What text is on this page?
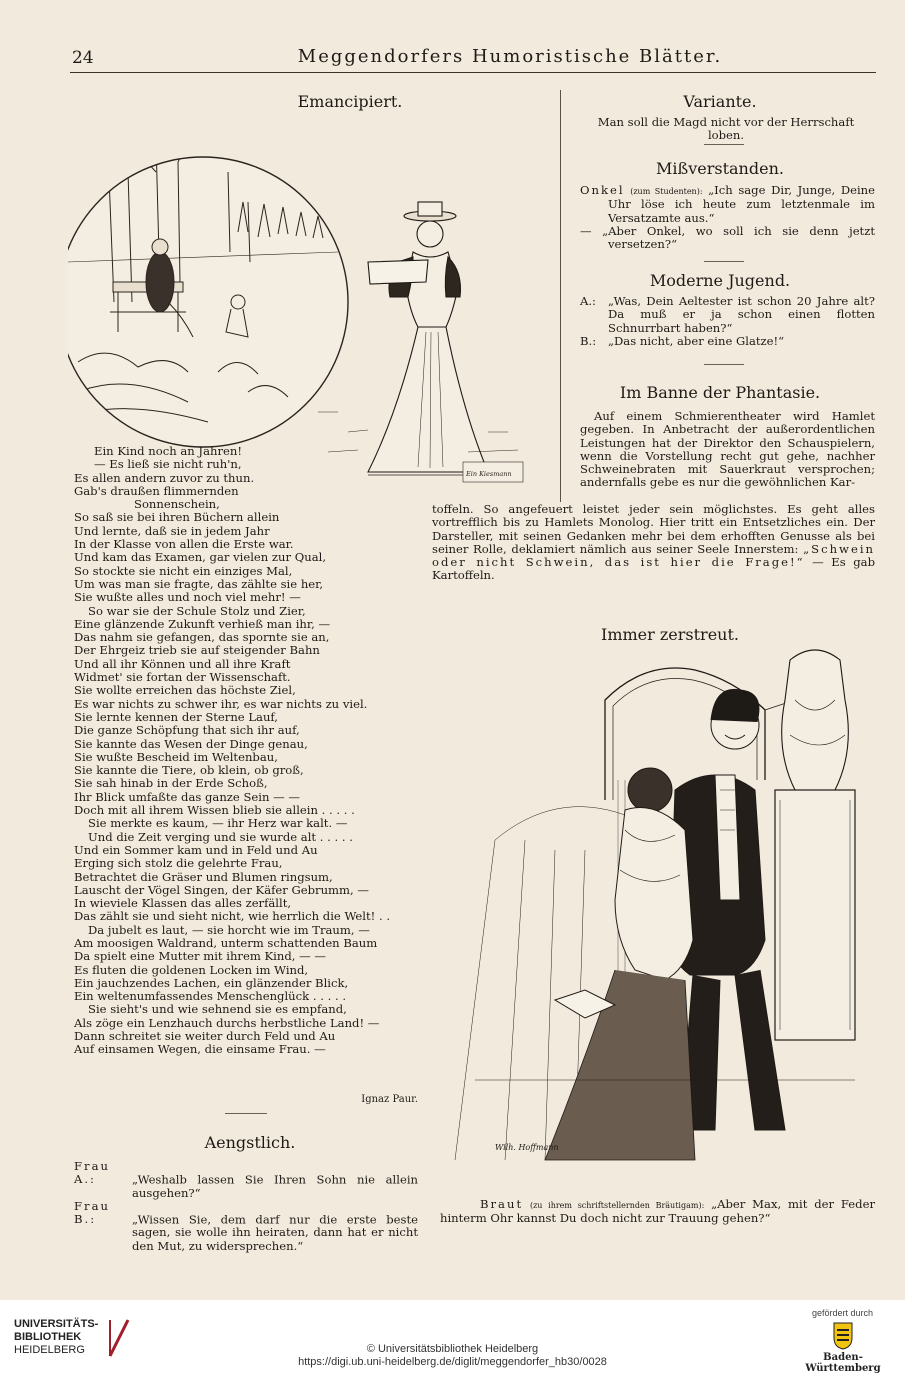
24	Meggendorfers Humoristische Blätter.
Emancipiert.
Ein Kiesmann
Ein Kind noch an Jahren!
— Es ließ sie nicht ruh'n,
Es allen andern zuvor zu thun.
Gab's draußen flimmernden
Sonnenschein,
So saß sie bei ihren Büchern allein
Und lernte, daß sie in jedem Jahr
In der Klasse von allen die Erste war.
Und kam das Examen, gar vielen zur Qual,
So stockte sie nicht ein einziges Mal,
Um was man sie fragte, das zählte sie her,
Sie wußte alles und noch viel mehr! —
So war sie der Schule Stolz und Zier,
Eine glänzende Zukunft verhieß man ihr, —
Das nahm sie gefangen, das spornte sie an,
Der Ehrgeiz trieb sie auf steigender Bahn
Und all ihr Können und all ihre Kraft
Widmet' sie fortan der Wissenschaft.
Sie wollte erreichen das höchste Ziel,
Es war nichts zu schwer ihr, es war nichts zu viel.
Sie lernte kennen der Sterne Lauf,
Die ganze Schöpfung that sich ihr auf,
Sie kannte das Wesen der Dinge genau,
Sie wußte Bescheid im Weltenbau,
Sie kannte die Tiere, ob klein, ob groß,
Sie sah hinab in der Erde Schoß,
Ihr Blick umfaßte das ganze Sein — —
Doch mit all ihrem Wissen blieb sie allein . . . . .
Sie merkte es kaum, — ihr Herz war kalt. —
Und die Zeit verging und sie wurde alt . . . . .
Und ein Sommer kam und in Feld und Au
Erging sich stolz die gelehrte Frau,
Betrachtet die Gräser und Blumen ringsum,
Lauscht der Vögel Singen, der Käfer Gebrumm, —
In wieviele Klassen das alles zerfällt,
Das zählt sie und sieht nicht, wie herrlich die Welt! . .
Da jubelt es laut, — sie horcht wie im Traum, —
Am moosigen Waldrand, unterm schattenden Baum
Da spielt eine Mutter mit ihrem Kind, — —
Es fluten die goldenen Locken im Wind,
Ein jauchzendes Lachen, ein glänzender Blick,
Ein weltenumfassendes Menschenglück . . . . .
Sie sieht's und wie sehnend sie es empfand,
Als zöge ein Lenzhauch durchs herbstliche Land! —
Dann schreitet sie weiter durch Feld und Au
Auf einsamen Wegen, die einsame Frau. —
Ignaz Paur.
Aengstlich.
Frau A.:	„Weshalb lassen Sie Ihren Sohn nie allein ausgehen?“
Frau B.:	„Wissen Sie, dem darf nur die erste beste sagen, sie wolle ihn heiraten, dann hat er nicht den Mut, zu widersprechen.“
Variante.
Man soll die Magd nicht vor der Herrschaft loben.
Mißverstanden.
Onkel (zum Studenten): „Ich sage Dir, Junge, Deine Uhr löse ich heute zum letztenmale im Versatzamte aus.“
— „Aber Onkel, wo soll ich sie denn jetzt versetzen?“
Moderne Jugend.
A.: „Was, Dein Aeltester ist schon 20 Jahre alt? Da muß er ja schon einen flotten Schnurrbart haben?“
B.: „Das nicht, aber eine Glatze!“
Im Banne der Phantasie.
Auf einem Schmierentheater wird Hamlet gegeben. In Anbetracht der außerordentlichen Leistungen hat der Direktor den Schauspielern, wenn die Vorstellung recht gut gehe, nachher Schweinebraten mit Sauerkraut versprochen; andernfalls gebe es nur die gewöhnlichen Kar-
toffeln. So angefeuert leistet jeder sein möglichstes. Es geht alles vortrefflich bis zu Hamlets Monolog. Hier tritt ein Entsetzliches ein. Der Darsteller, mit seinen Gedanken mehr bei dem erhofften Genusse als bei seiner Rolle, deklamiert nämlich aus seiner Seele Innerstem: „Schwein oder nicht Schwein, das ist hier die Frage!“ — Es gab Kartoffeln.
Immer zerstreut.
Wilh. Hoffmann
Braut (zu ihrem schriftstellernden Bräutigam): „Aber Max, mit der Feder hinterm Ohr kannst Du doch nicht zur Trauung gehen?“
UNIVERSITÄTS-
BIBLIOTHEK
HEIDELBERG	© Universitätsbibliothek Heidelberg
https://digi.ub.uni-heidelberg.de/diglit/meggendorfer_hb30/0028
gefördert durch
Baden-Württemberg
